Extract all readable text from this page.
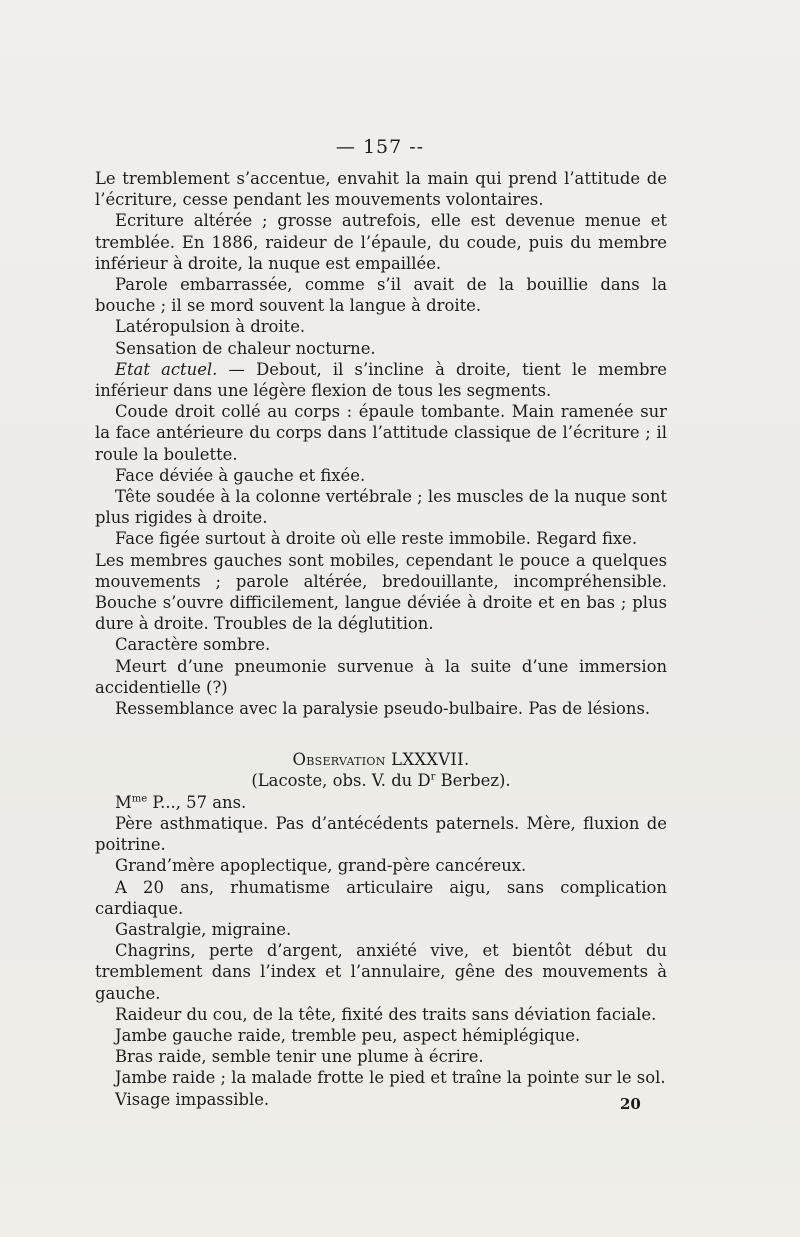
— 157 --
Le tremblement s’accentue, envahit la main qui prend l’attitude de l’écriture, cesse pendant les mouvements volontaires.
Ecriture altérée ; grosse autrefois, elle est devenue menue et tremblée. En 1886, raideur de l’épaule, du coude, puis du membre inférieur à droite, la nuque est empaillée.
Parole embarrassée, comme s’il avait de la bouillie dans la bouche ; il se mord souvent la langue à droite.
Latéropulsion à droite.
Sensation de chaleur nocturne.
Etat actuel. — Debout, il s’incline à droite, tient le membre inférieur dans une légère flexion de tous les segments.
Coude droit collé au corps : épaule tombante. Main ramenée sur la face antérieure du corps dans l’attitude classique de l’écriture ; il roule la boulette.
Face déviée à gauche et fixée.
Tête soudée à la colonne vertébrale ; les muscles de la nuque sont plus rigides à droite.
Face figée surtout à droite où elle reste immobile. Regard fixe.
Les membres gauches sont mobiles, cependant le pouce a quelques mouvements ; parole altérée, bredouillante, incompréhensible. Bouche s’ouvre difficilement, langue déviée à droite et en bas ; plus dure à droite. Troubles de la déglutition.
Caractère sombre.
Meurt d’une pneumonie survenue à la suite d’une immersion accidentielle (?)
Ressemblance avec la paralysie pseudo-bulbaire. Pas de lésions.
Observation LXXXVII.
(Lacoste, obs. V. du $D^r$ Berbez).
$M^{me}$ P..., 57 ans.
Père asthmatique. Pas d’antécédents paternels. Mère, fluxion de poitrine.
Grand’mère apoplectique, grand-père cancéreux.
A 20 ans, rhumatisme articulaire aigu, sans complication cardiaque.
Gastralgie, migraine.
Chagrins, perte d’argent, anxiété vive, et bientôt début du tremblement dans l’index et l’annulaire, gêne des mouvements à gauche.
Raideur du cou, de la tête, fixité des traits sans déviation faciale.
Jambe gauche raide, tremble peu, aspect hémiplégique.
Bras raide, semble tenir une plume à écrire.
Jambe raide ; la malade frotte le pied et traîne la pointe sur le sol.
Visage impassible.	20
